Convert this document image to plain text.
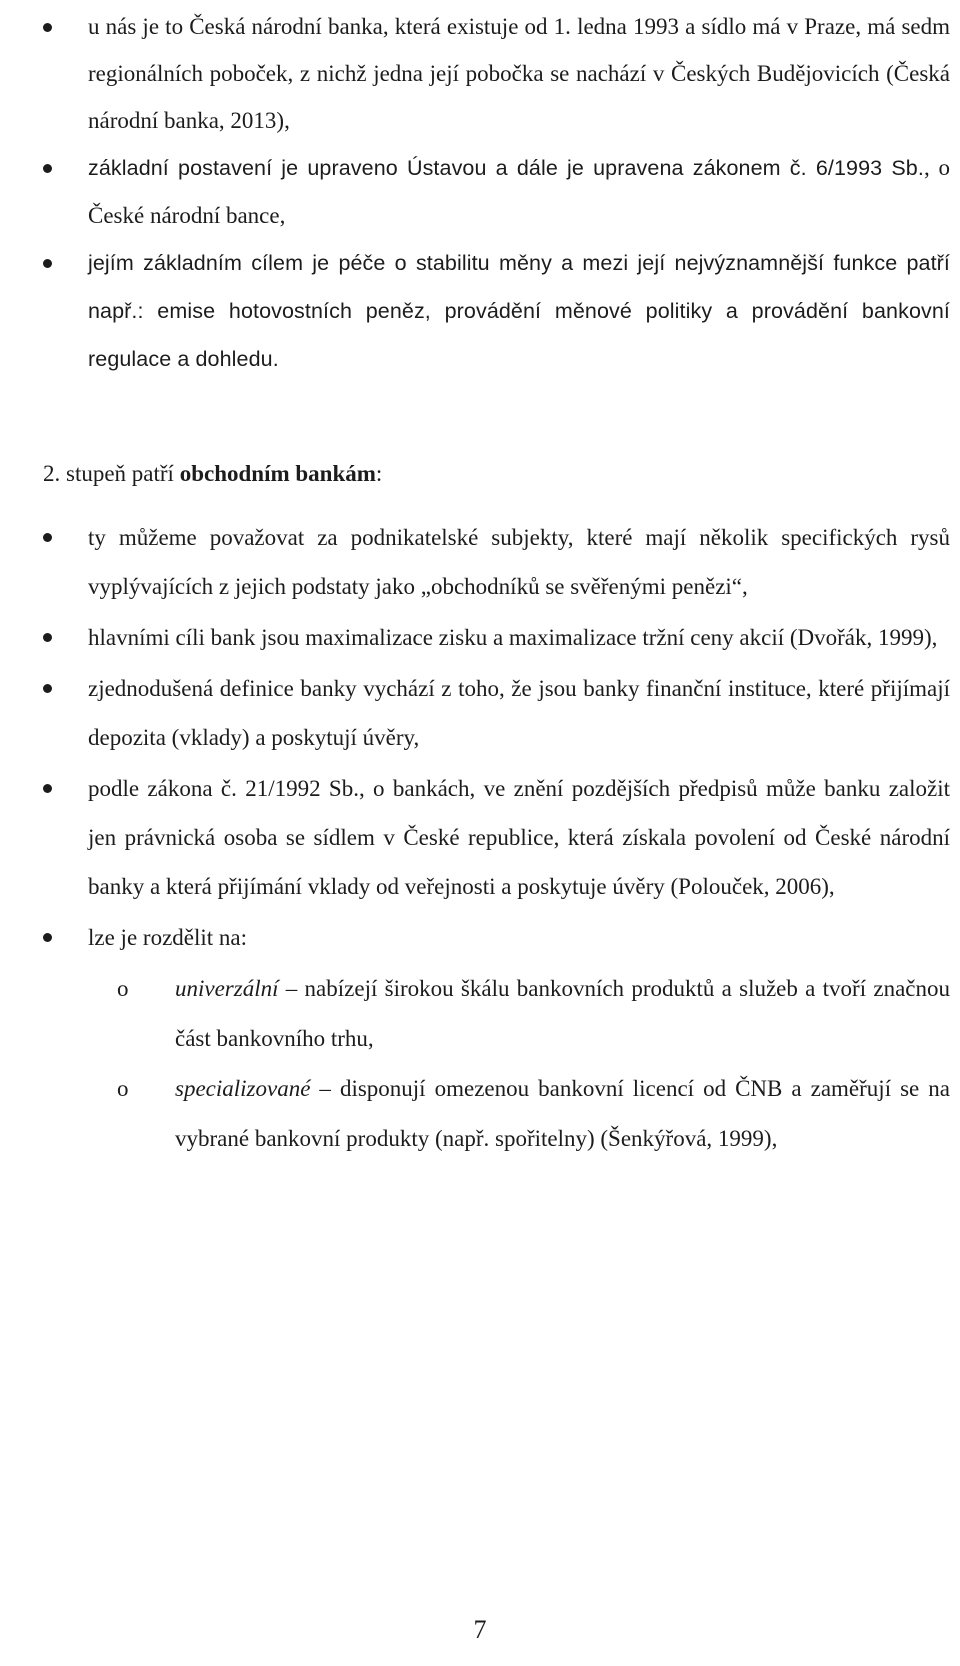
u nás je to Česká národní banka, která existuje od 1. ledna 1993 a sídlo má v Praze, má sedm regionálních poboček, z nichž jedna její pobočka se nachází v Českých Budějovicích (Česká národní banka, 2013),
základní postavení je upraveno Ústavou a dále je upravena zákonem č. 6/1993 Sb., o České národní bance,
jejím základním cílem je péče o stabilitu měny a mezi její nejvýznamnější funkce patří např.: emise hotovostních peněz, provádění měnové politiky a provádění bankovní regulace a dohledu.
2. stupeň patří obchodním bankám:
ty můžeme považovat za podnikatelské subjekty, které mají několik specifických rysů vyplývajících z jejich podstaty jako „obchodníků se svěřenými penězi“,
hlavními cíli bank jsou maximalizace zisku a maximalizace tržní ceny akcií (Dvořák, 1999),
zjednodušená definice banky vychází z toho, že jsou banky finanční instituce, které přijímají depozita (vklady) a poskytují úvěry,
podle zákona č. 21/1992 Sb., o bankách, ve znění pozdějších předpisů může banku založit jen právnická osoba se sídlem v České republice, která získala povolení od České národní banky a která přijímání vklady od veřejnosti a poskytuje úvěry (Polouček, 2006),
lze je rozdělit na:
o univerzální – nabízejí širokou škálu bankovních produktů a služeb a tvoří značnou část bankovního trhu,
o specializované – disponují omezenou bankovní licencí od ČNB a zaměřují se na vybrané bankovní produkty (např. spořitelny) (Šenkýřová, 1999),
7
